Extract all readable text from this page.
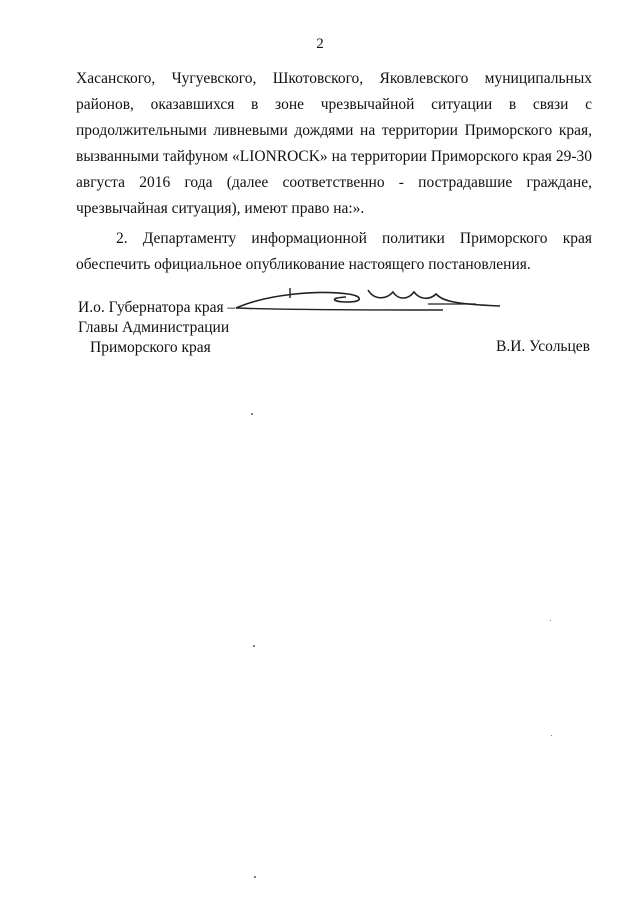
2

Хасанского, Чугуевского, Шкотовского, Яковлевского муниципальных районов, оказавшихся в зоне чрезвычайной ситуации в связи с продолжительными ливневыми дождями на территории Приморского края, вызванными тайфуном «LIONROCK» на территории Приморского края 29-30 августа 2016 года (далее соответственно - пострадавшие граждане, чрезвычайная ситуация), имеют право на:».

2. Департаменту информационной политики Приморского края обеспечить официальное опубликование настоящего постановления.

И.о. Губернатора края –
Главы Администрации
Приморского края	В.И. Усольцев
